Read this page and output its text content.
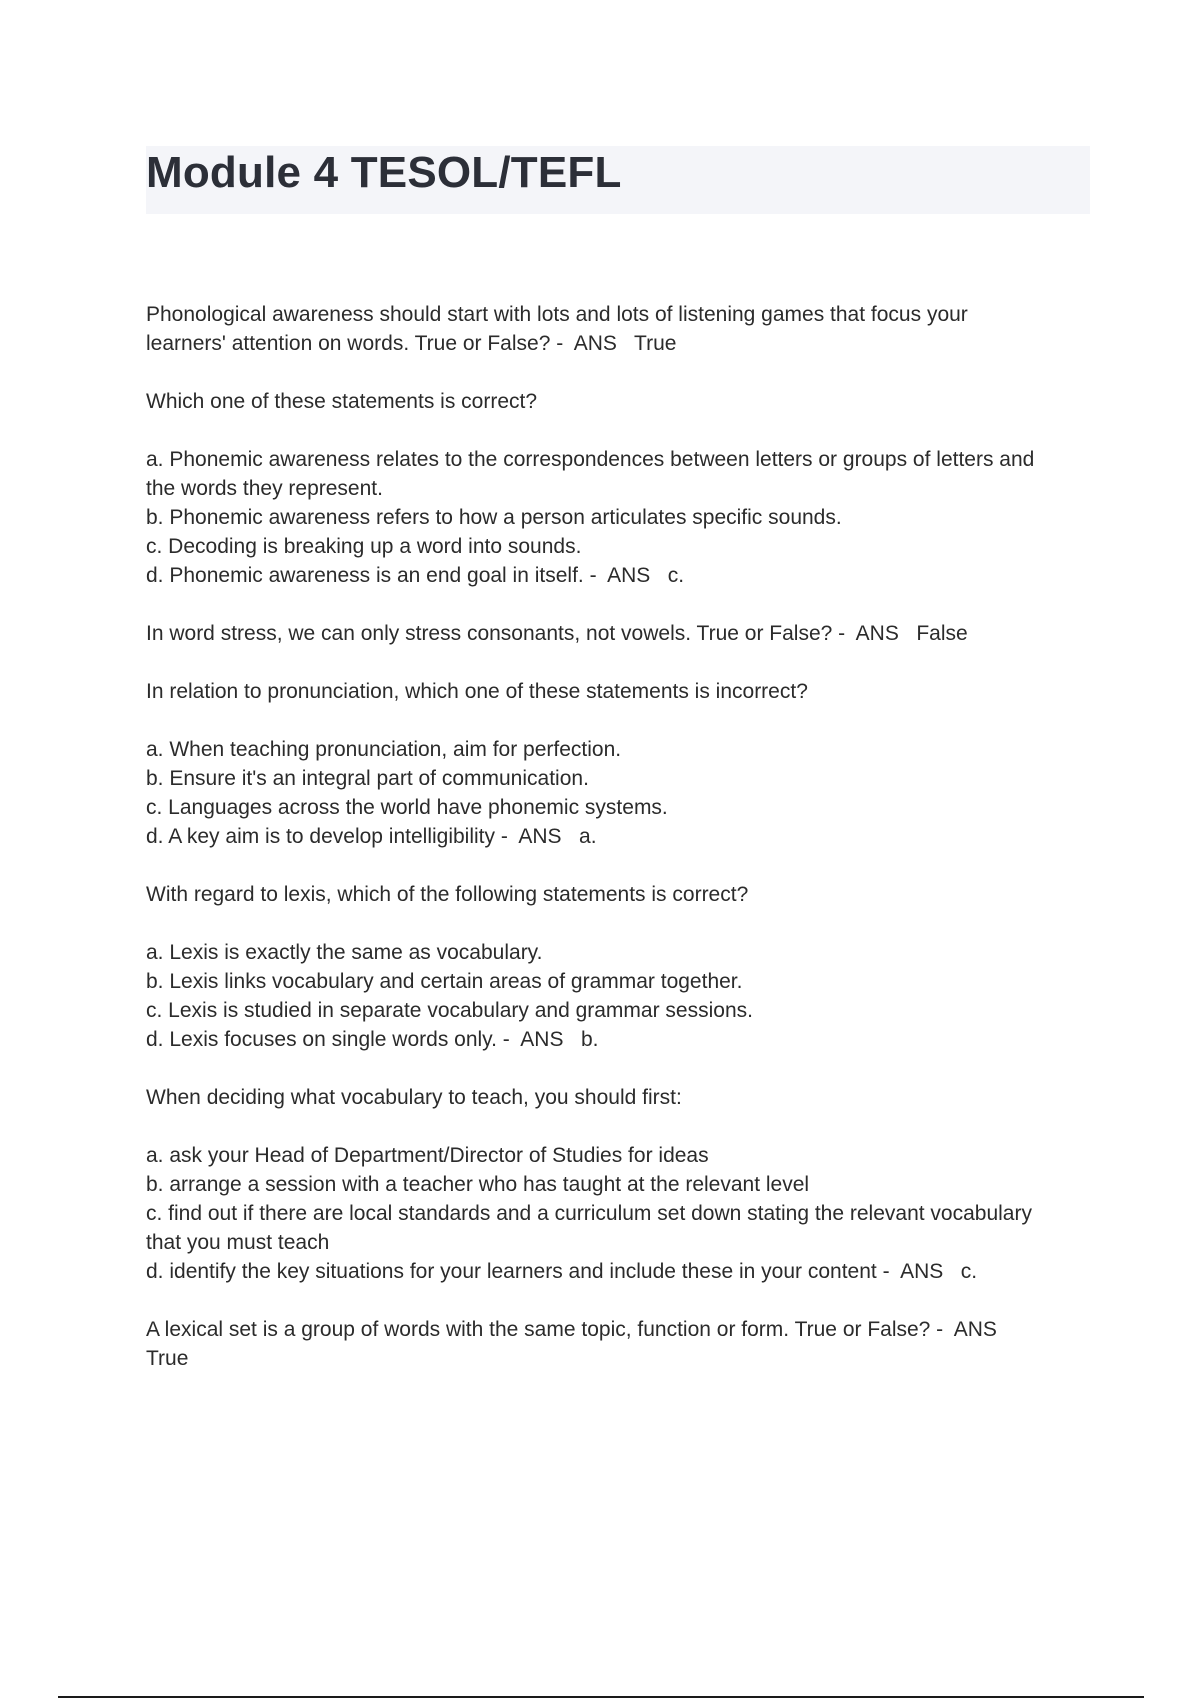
Module 4 TESOL/TEFL
Phonological awareness should start with lots and lots of listening games that focus your
learners' attention on words. True or False? -  ANS   True
Which one of these statements is correct?

a. Phonemic awareness relates to the correspondences between letters or groups of letters and
the words they represent.
b. Phonemic awareness refers to how a person articulates specific sounds.
c. Decoding is breaking up a word into sounds.
d. Phonemic awareness is an end goal in itself. -  ANS   c.
In word stress, we can only stress consonants, not vowels. True or False? -  ANS   False
In relation to pronunciation, which one of these statements is incorrect?

a. When teaching pronunciation, aim for perfection.
b. Ensure it's an integral part of communication.
c. Languages across the world have phonemic systems.
d. A key aim is to develop intelligibility -  ANS   a.
With regard to lexis, which of the following statements is correct?

a. Lexis is exactly the same as vocabulary.
b. Lexis links vocabulary and certain areas of grammar together.
c. Lexis is studied in separate vocabulary and grammar sessions.
d. Lexis focuses on single words only. -  ANS   b.
When deciding what vocabulary to teach, you should first:

a. ask your Head of Department/Director of Studies for ideas
b. arrange a session with a teacher who has taught at the relevant level
c. find out if there are local standards and a curriculum set down stating the relevant vocabulary
that you must teach
d. identify the key situations for your learners and include these in your content -  ANS   c.
A lexical set is a group of words with the same topic, function or form. True or False? -  ANS
True
